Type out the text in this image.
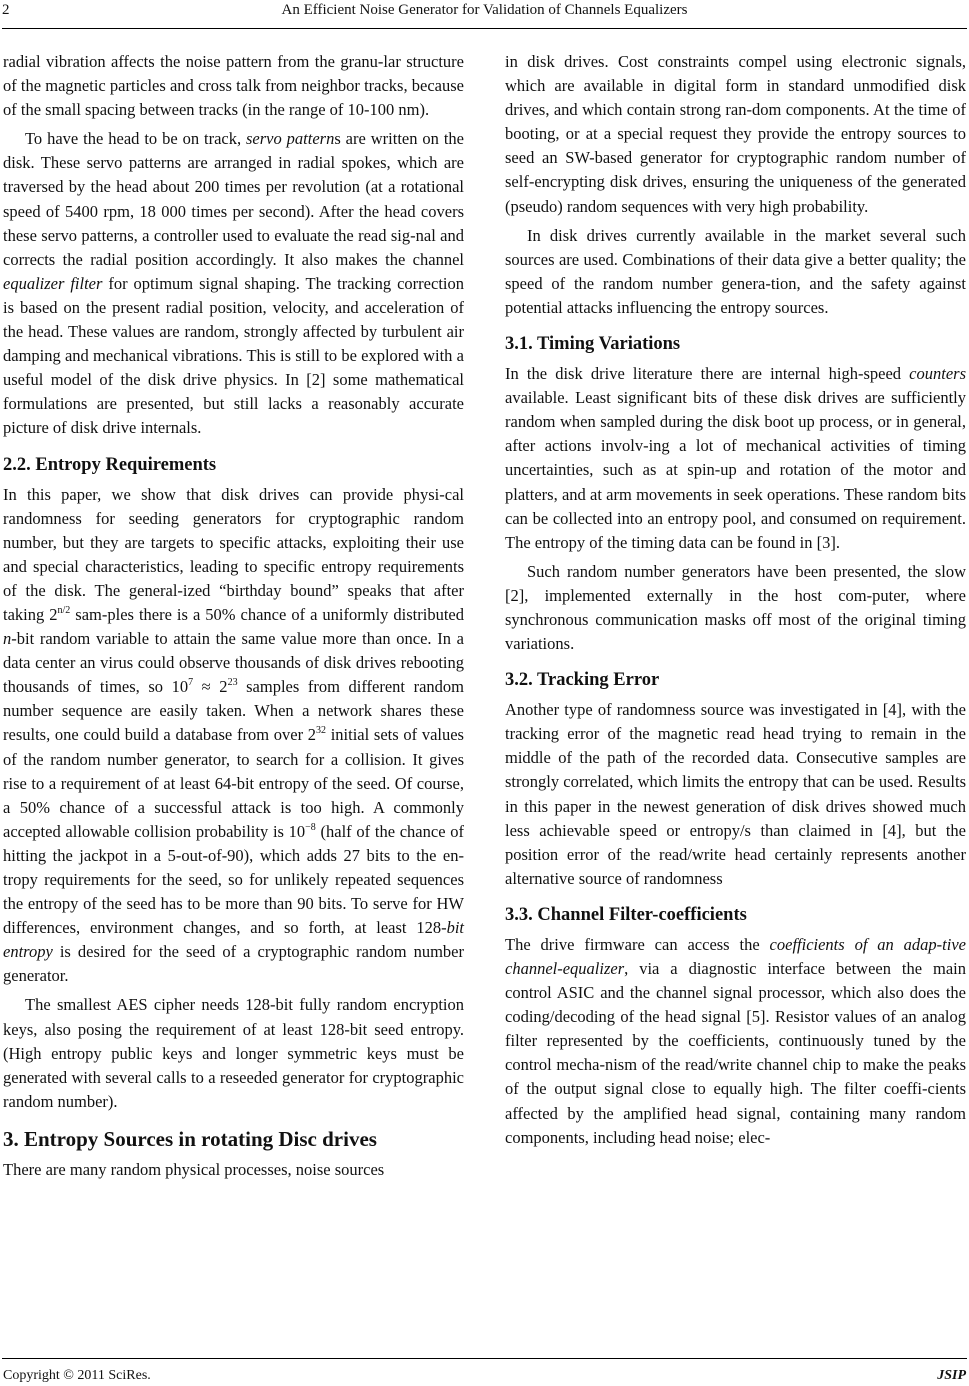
2	An Efficient Noise Generator for Validation of Channels Equalizers

radial vibration affects the noise pattern from the granu-lar structure of the magnetic particles and cross talk from neighbor tracks, because of the small spacing between tracks (in the range of 10-100 nm).

To have the head to be on track, servo patterns are written on the disk. These servo patterns are arranged in radial spokes, which are traversed by the head about 200 times per revolution (at a rotational speed of 5400 rpm, 18 000 times per second). After the head covers these servo patterns, a controller used to evaluate the read sig-nal and corrects the radial position accordingly. It also makes the channel equalizer filter for optimum signal shaping. The tracking correction is based on the present radial position, velocity, and acceleration of the head. These values are random, strongly affected by turbulent air damping and mechanical vibrations. This is still to be explored with a useful model of the disk drive physics. In [2] some mathematical formulations are presented, but still lacks a reasonably accurate picture of disk drive internals.

2.2. Entropy Requirements

In this paper, we show that disk drives can provide physi-cal randomness for seeding generators for cryptographic random number, but they are targets to specific attacks, exploiting their use and special characteristics, leading to specific entropy requirements of the disk. The general-ized “birthday bound” speaks that after taking $2^{n/2}$ sam-ples there is a 50% chance of a uniformly distributed n-bit random variable to attain the same value more than once. In a data center an virus could observe thousands of disk drives rebooting thousands of times, so $10^7 \approx 2^{23}$ samples from different random number sequence are easily taken. When a network shares these results, one could build a database from over $2^{32}$ initial sets of values of the random number generator, to search for a collision. It gives rise to a requirement of at least 64-bit entropy of the seed. Of course, a 50% chance of a successful attack is too high. A commonly accepted allowable collision probability is $10^{-8}$ (half of the chance of hitting the jackpot in a 5-out-of-90), which adds 27 bits to the en-tropy requirements for the seed, so for unlikely repeated sequences the entropy of the seed has to be more than 90 bits. To serve for HW differences, environment changes, and so forth, at least 128-bit entropy is desired for the seed of a cryptographic random number generator.

The smallest AES cipher needs 128-bit fully random encryption keys, also posing the requirement of at least 128-bit seed entropy. (High entropy public keys and longer symmetric keys must be generated with several calls to a reseeded generator for cryptographic random number).

3. Entropy Sources in rotating Disc drives

There are many random physical processes, noise sources

in disk drives. Cost constraints compel using electronic signals, which are available in digital form in standard unmodified disk drives, and which contain strong ran-dom components. At the time of booting, or at a special request they provide the entropy sources to seed an SW-based generator for cryptographic random number of self-encrypting disk drives, ensuring the uniqueness of the generated (pseudo) random sequences with very high probability.

In disk drives currently available in the market several such sources are used. Combinations of their data give a better quality; the speed of the random number genera-tion, and the safety against potential attacks influencing the entropy sources.

3.1. Timing Variations

In the disk drive literature there are internal high-speed counters available. Least significant bits of these disk drives are sufficiently random when sampled during the disk boot up process, or in general, after actions involv-ing a lot of mechanical activities of timing uncertainties, such as at spin-up and rotation of the motor and platters, and at arm movements in seek operations. These random bits can be collected into an entropy pool, and consumed on requirement. The entropy of the timing data can be found in [3].

Such random number generators have been presented, the slow [2], implemented externally in the host com-puter, where synchronous communication masks off most of the original timing variations.

3.2. Tracking Error

Another type of randomness source was investigated in [4], with the tracking error of the magnetic read head trying to remain in the middle of the path of the recorded data. Consecutive samples are strongly correlated, which limits the entropy that can be used. Results in this paper in the newest generation of disk drives showed much less achievable speed or entropy/s than claimed in [4], but the position error of the read/write head certainly represents another alternative source of randomness

3.3. Channel Filter-coefficients

The drive firmware can access the coefficients of an adap-tive channel-equalizer, via a diagnostic interface between the main control ASIC and the channel signal processor, which also does the coding/decoding of the head signal [5]. Resistor values of an analog filter represented by the coefficients, continuously tuned by the control mecha-nism of the read/write channel chip to make the peaks of the output signal close to equally high. The filter coeffi-cients affected by the amplified head signal, containing many random components, including head noise; elec-

Copyright © 2011 SciRes.	JSIP
